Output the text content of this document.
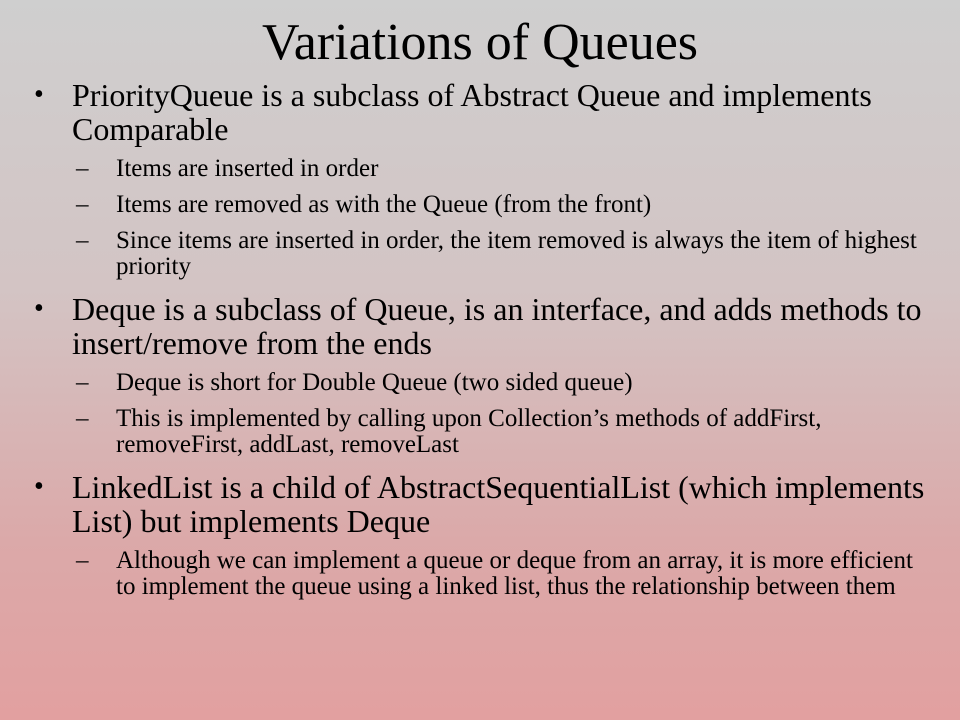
Variations of Queues
• PriorityQueue is a subclass of Abstract Queue and implements Comparable
– Items are inserted in order
– Items are removed as with the Queue (from the front)
– Since items are inserted in order, the item removed is always the item of highest priority
• Deque is a subclass of Queue, is an interface, and adds methods to insert/remove from the ends
– Deque is short for Double Queue (two sided queue)
– This is implemented by calling upon Collection’s methods of addFirst, removeFirst, addLast, removeLast
• LinkedList is a child of AbstractSequentialList (which implements List) but implements Deque
– Although we can implement a queue or deque from an array, it is more efficient to implement the queue using a linked list, thus the relationship between them
